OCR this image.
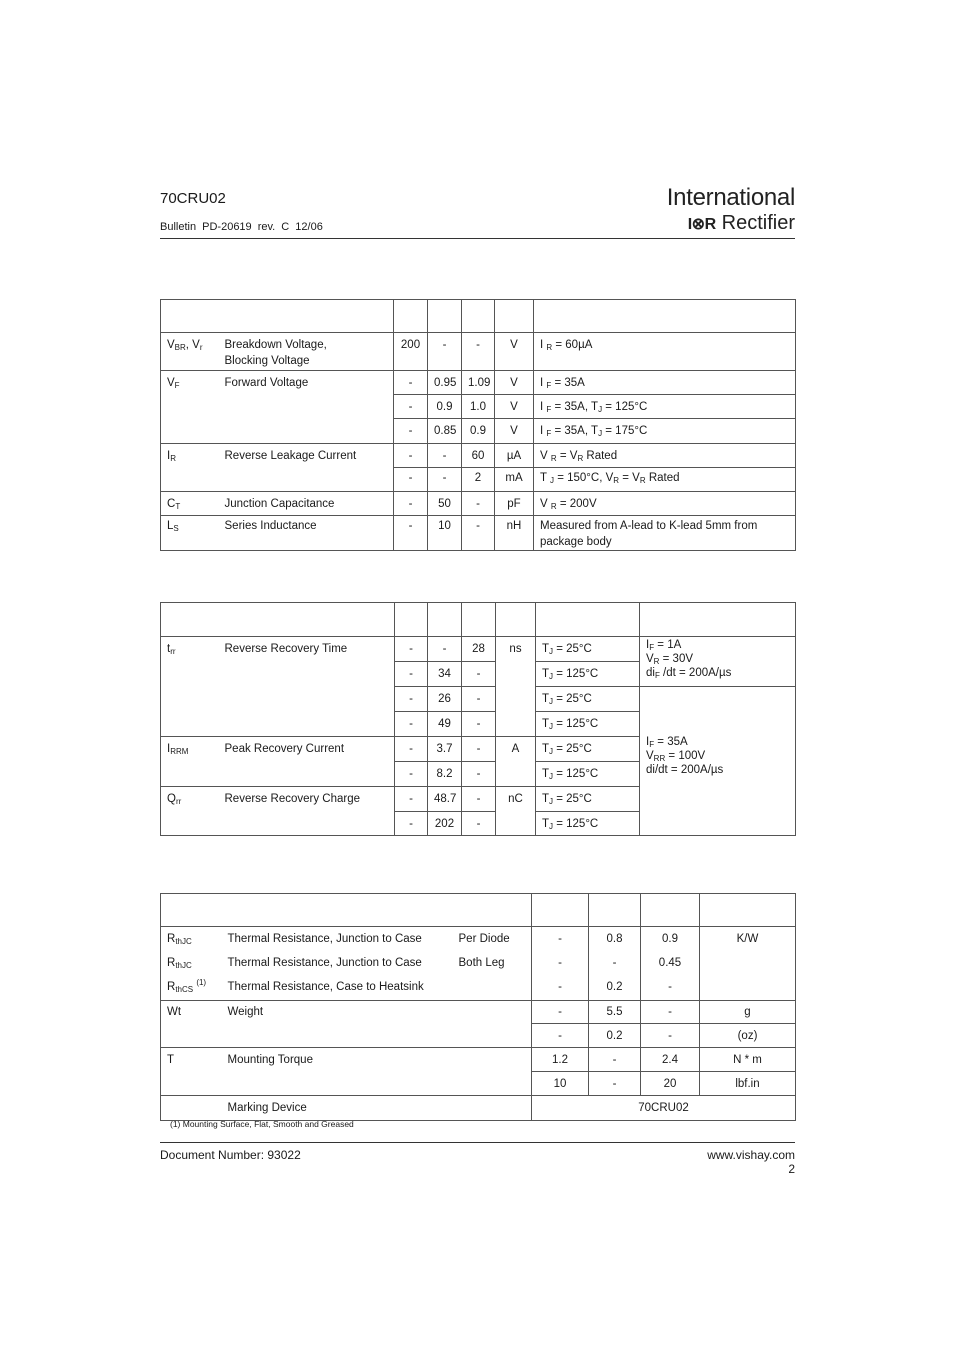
70CRU02
Bulletin PD-20619 rev. C 12/06
International
I⊗R Rectifier

$V_{BR}$, $V_r$	Breakdown Voltage,
Blocking Voltage	200	-	-	V	I $_R$ = 60µA
$V_F$	Forward Voltage	-	0.95	1.09	V	I $_F$ = 35A
		-	0.9	1.0	V	I $_F$ = 35A, $T_J = 125^\circ C$
		-	0.85	0.9	V	I $_F$ = 35A, $T_J = 175^\circ C$
$I_R$	Reverse Leakage Current	-	-	60	µA	V $_R = V_R$ Rated
		-	-	2	mA	T $_J$ = 150°C, $V_R = V_R$ Rated
$C_T$	Junction Capacitance	-	50	-	pF	V $_R$ = 200V
$L_S$	Series Inductance	-	10	-	nH	Measured from A-lead to K-lead 5mm from
package body

$t_{rr}$	Reverse Recovery Time	-	-	28	ns	$T_J = 25^\circ C$	$I_F = 1A$
$V_R = 30V$
$di_F$ /dt = 200A/µs
		-	34	-		$T_J = 125^\circ C$	
		-	26	-		$T_J = 25^\circ C$	$I_F = 35A$
$V_{RR} = 100V$
di/dt = 200A/µs
		-	49	-		$T_J = 125^\circ C$	
$I_{RRM}$	Peak Recovery Current	-	3.7	-	A	$T_J = 25^\circ C$	
		-	8.2	-		$T_J = 125^\circ C$	
$Q_{rr}$	Reverse Recovery Charge	-	48.7	-	nC	$T_J = 25^\circ C$	
		-	202	-		$T_J = 125^\circ C$	

$R_{thJC}$	Thermal Resistance, Junction to Case	Per Diode	-	0.8	0.9	K/W
$R_{thJC}$	Thermal Resistance, Junction to Case	Both Leg	-	-	0.45	
$R_{thCS}$ $^{(1)}$	Thermal Resistance, Case to Heatsink		-	0.2	-	
Wt	Weight		-	5.5	-	g
			-	0.2	-	(oz)
T	Mounting Torque		1.2	-	2.4	N * m
			10	-	20	lbf.in
	Marking Device		70CRU02			
(1) Mounting Surface, Flat, Smooth and Greased
Document Number: 93022	www.vishay.com
2
